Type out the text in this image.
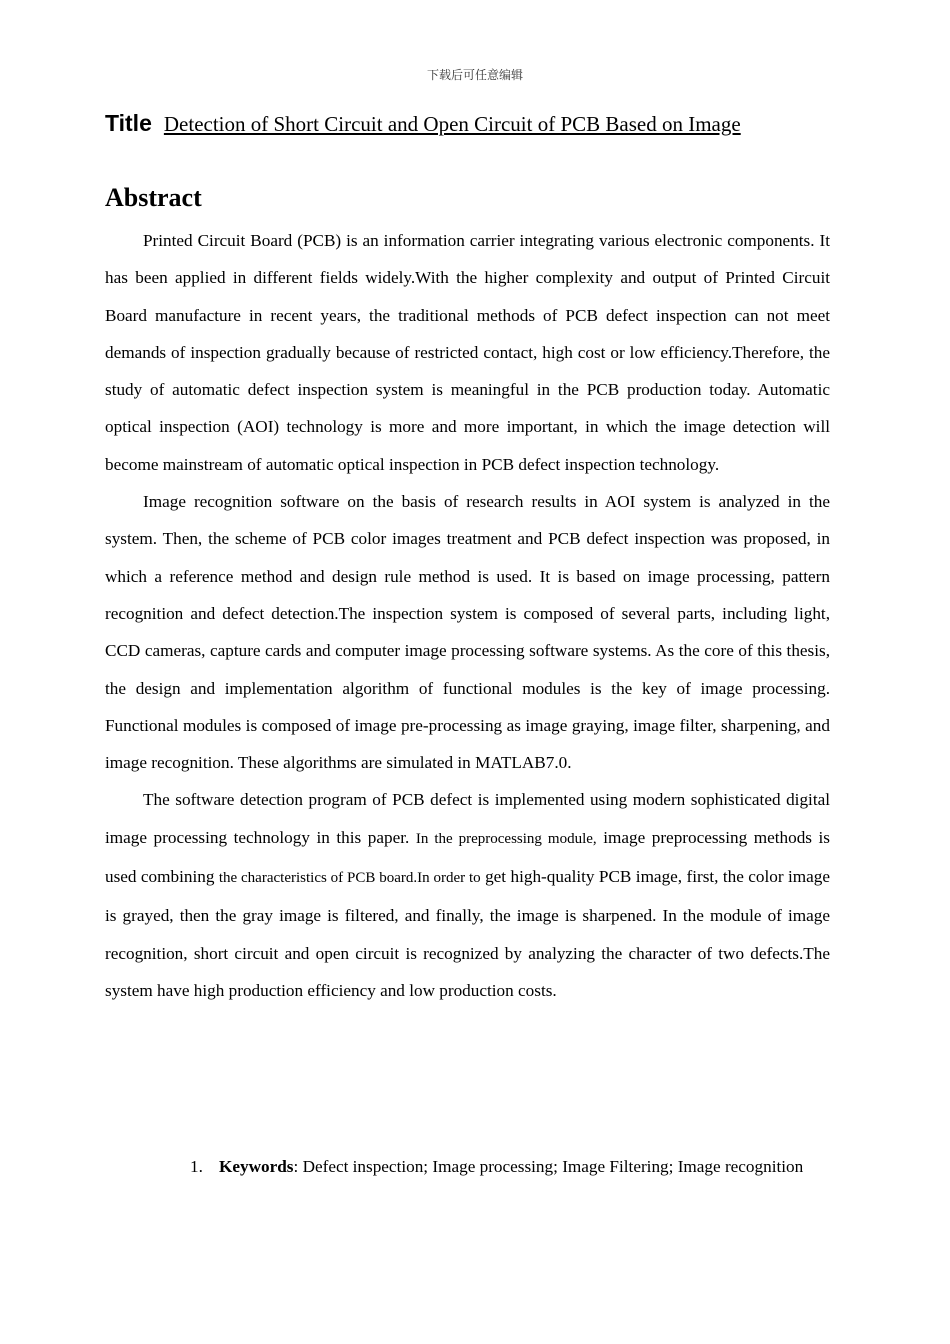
下载后可任意编辑
Title Detection of Short Circuit and Open Circuit of PCB Based on Image
Abstract

Printed Circuit Board (PCB) is an information carrier integrating various electronic components. It has been applied in different fields widely.With the higher complexity and output of Printed Circuit Board manufacture in recent years, the traditional methods of PCB defect inspection can not meet demands of inspection gradually because of restricted contact, high cost or low efficiency.Therefore, the study of automatic defect inspection system is meaningful in the PCB production today. Automatic optical inspection (AOI) technology is more and more important, in which the image detection will become mainstream of automatic optical inspection in PCB defect inspection technology.

Image recognition software on the basis of research results in AOI system is analyzed in the system. Then, the scheme of PCB color images treatment and PCB defect inspection was proposed, in which a reference method and design rule method is used. It is based on image processing, pattern recognition and defect detection.The inspection system is composed of several parts, including light, CCD cameras, capture cards and computer image processing software systems. As the core of this thesis, the design and implementation algorithm of functional modules is the key of image processing. Functional modules is composed of image pre-processing as image graying, image filter, sharpening, and image recognition. These algorithms are simulated in MATLAB7.0.

The software detection program of PCB defect is implemented using modern sophisticated digital image processing technology in this paper. In the preprocessing module, image preprocessing methods is used combining the characteristics of PCB board.In order to get high-quality PCB image, first, the color image is grayed, then the gray image is filtered, and finally, the image is sharpened. In the module of image recognition, short circuit and open circuit is recognized by analyzing the character of two defects.The system have high production efficiency and low production costs.

1. Keywords: Defect inspection; Image processing; Image Filtering; Image recognition
